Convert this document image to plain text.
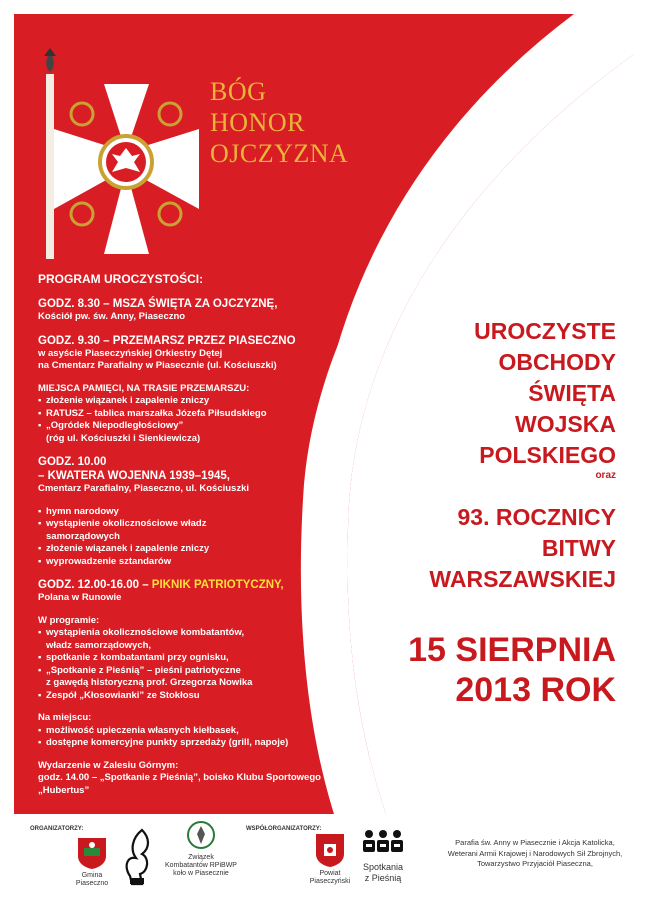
BÓG
HONOR
OJCZYZNA
PROGRAM UROCZYSTOŚCI:
GODZ. 8.30 – MSZA ŚWIĘTA ZA OJCZYZNĘ,
Kościół pw. św. Anny, Piaseczno
GODZ. 9.30 – PRZEMARSZ PRZEZ PIASECZNO
w asyście Piaseczyńskiej Orkiestry Dętej
na Cmentarz Parafialny w Piasecznie (ul. Kościuszki)
MIEJSCA PAMIĘCI, NA TRASIE PRZEMARSZU:
▪ złożenie wiązanek i zapalenie zniczy
▪ RATUSZ – tablica marszałka Józefa Piłsudskiego
▪ „Ogródek Niepodległościowy”
(róg ul. Kościuszki i Sienkiewicza)
GODZ. 10.00
– KWATERA WOJENNA 1939–1945,
Cmentarz Parafialny, Piaseczno, ul. Kościuszki
▪ hymn narodowy
▪ wystąpienie okolicznościowe władz
samorządowych
▪ złożenie wiązanek i zapalenie zniczy
▪ wyprowadzenie sztandarów
GODZ. 12.00-16.00 – PIKNIK PATRIOTYCZNY,
Polana w Runowie
W programie:
▪ wystąpienia okolicznościowe kombatantów,
władz samorządowych,
▪ spotkanie z kombatantami przy ognisku,
▪ „Spotkanie z Pieśnią” – pieśni patriotyczne
z gawędą historyczną prof. Grzegorza Nowika
▪ Zespół „Kłosowianki” ze Stokłosu
Na miejscu:
▪ możliwość upieczenia własnych kiełbasek,
▪ dostępne komercyjne punkty sprzedaży (grill, napoje)
Wydarzenie w Zalesiu Górnym:
godz. 14.00 – „Spotkanie z Pieśnią”, boisko Klubu Sportowego „Hubertus”
UROCZYSTE
OBCHODY
ŚWIĘTA
WOJSKA
POLSKIEGO
oraz
93. ROCZNICY
BITWY
WARSZAWSKIEJ
15 SIERPNIA
2013 ROK
ORGANIZATORZY:	WSPÓŁORGANIZATORZY:
Gmina
Piaseczno
Związek
Kombatantów RPiBWP
koło w Piasecznie	Powiat
Piaseczyński
Spotkania
z Pieśnią
Parafia św. Anny w Piasecznie i Akcja Katolicka,
Weterani Armii Krajowej i Narodowych Sił Zbrojnych,
Towarzystwo Przyjaciół Piaseczna,
